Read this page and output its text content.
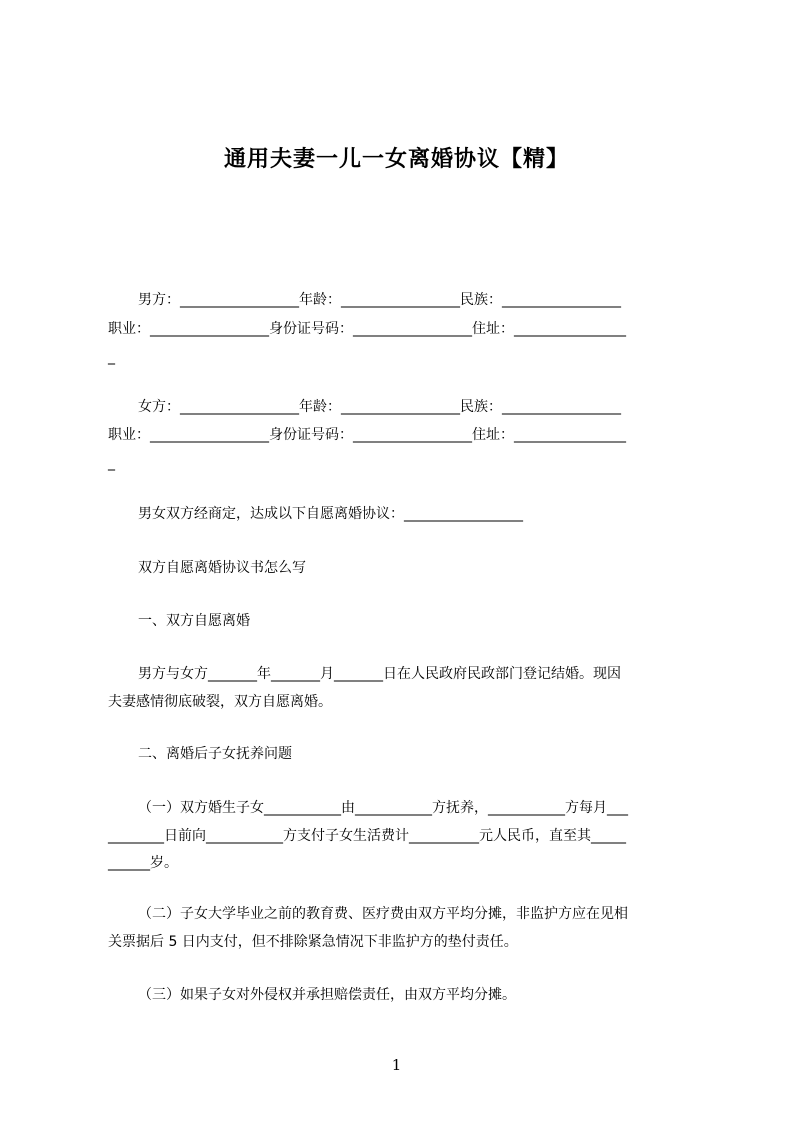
通用夫妻一儿一女离婚协议【精】
男方：_________________年龄：_________________民族：_________________
职业：_________________身份证号码：_________________住址：________________
_
女方：_________________年龄：_________________民族：_________________
职业：_________________身份证号码：_________________住址：________________
_
男女双方经商定，达成以下自愿离婚协议：_________________
双方自愿离婚协议书怎么写
一、双方自愿离婚
男方与女方_______年_______月_______日在人民政府民政部门登记结婚。现因
夫妻感情彻底破裂，双方自愿离婚。
二、离婚后子女抚养问题
（一）双方婚生子女___________由___________方抚养，___________方每月___
________日前向___________方支付子女生活费计__________元人民币，直至其_____
______岁。
（二）子女大学毕业之前的教育费、医疗费由双方平均分摊，非监护方应在见相
关票据后 5 日内支付，但不排除紧急情况下非监护方的垫付责任。
（三）如果子女对外侵权并承担赔偿责任，由双方平均分摊。
1
